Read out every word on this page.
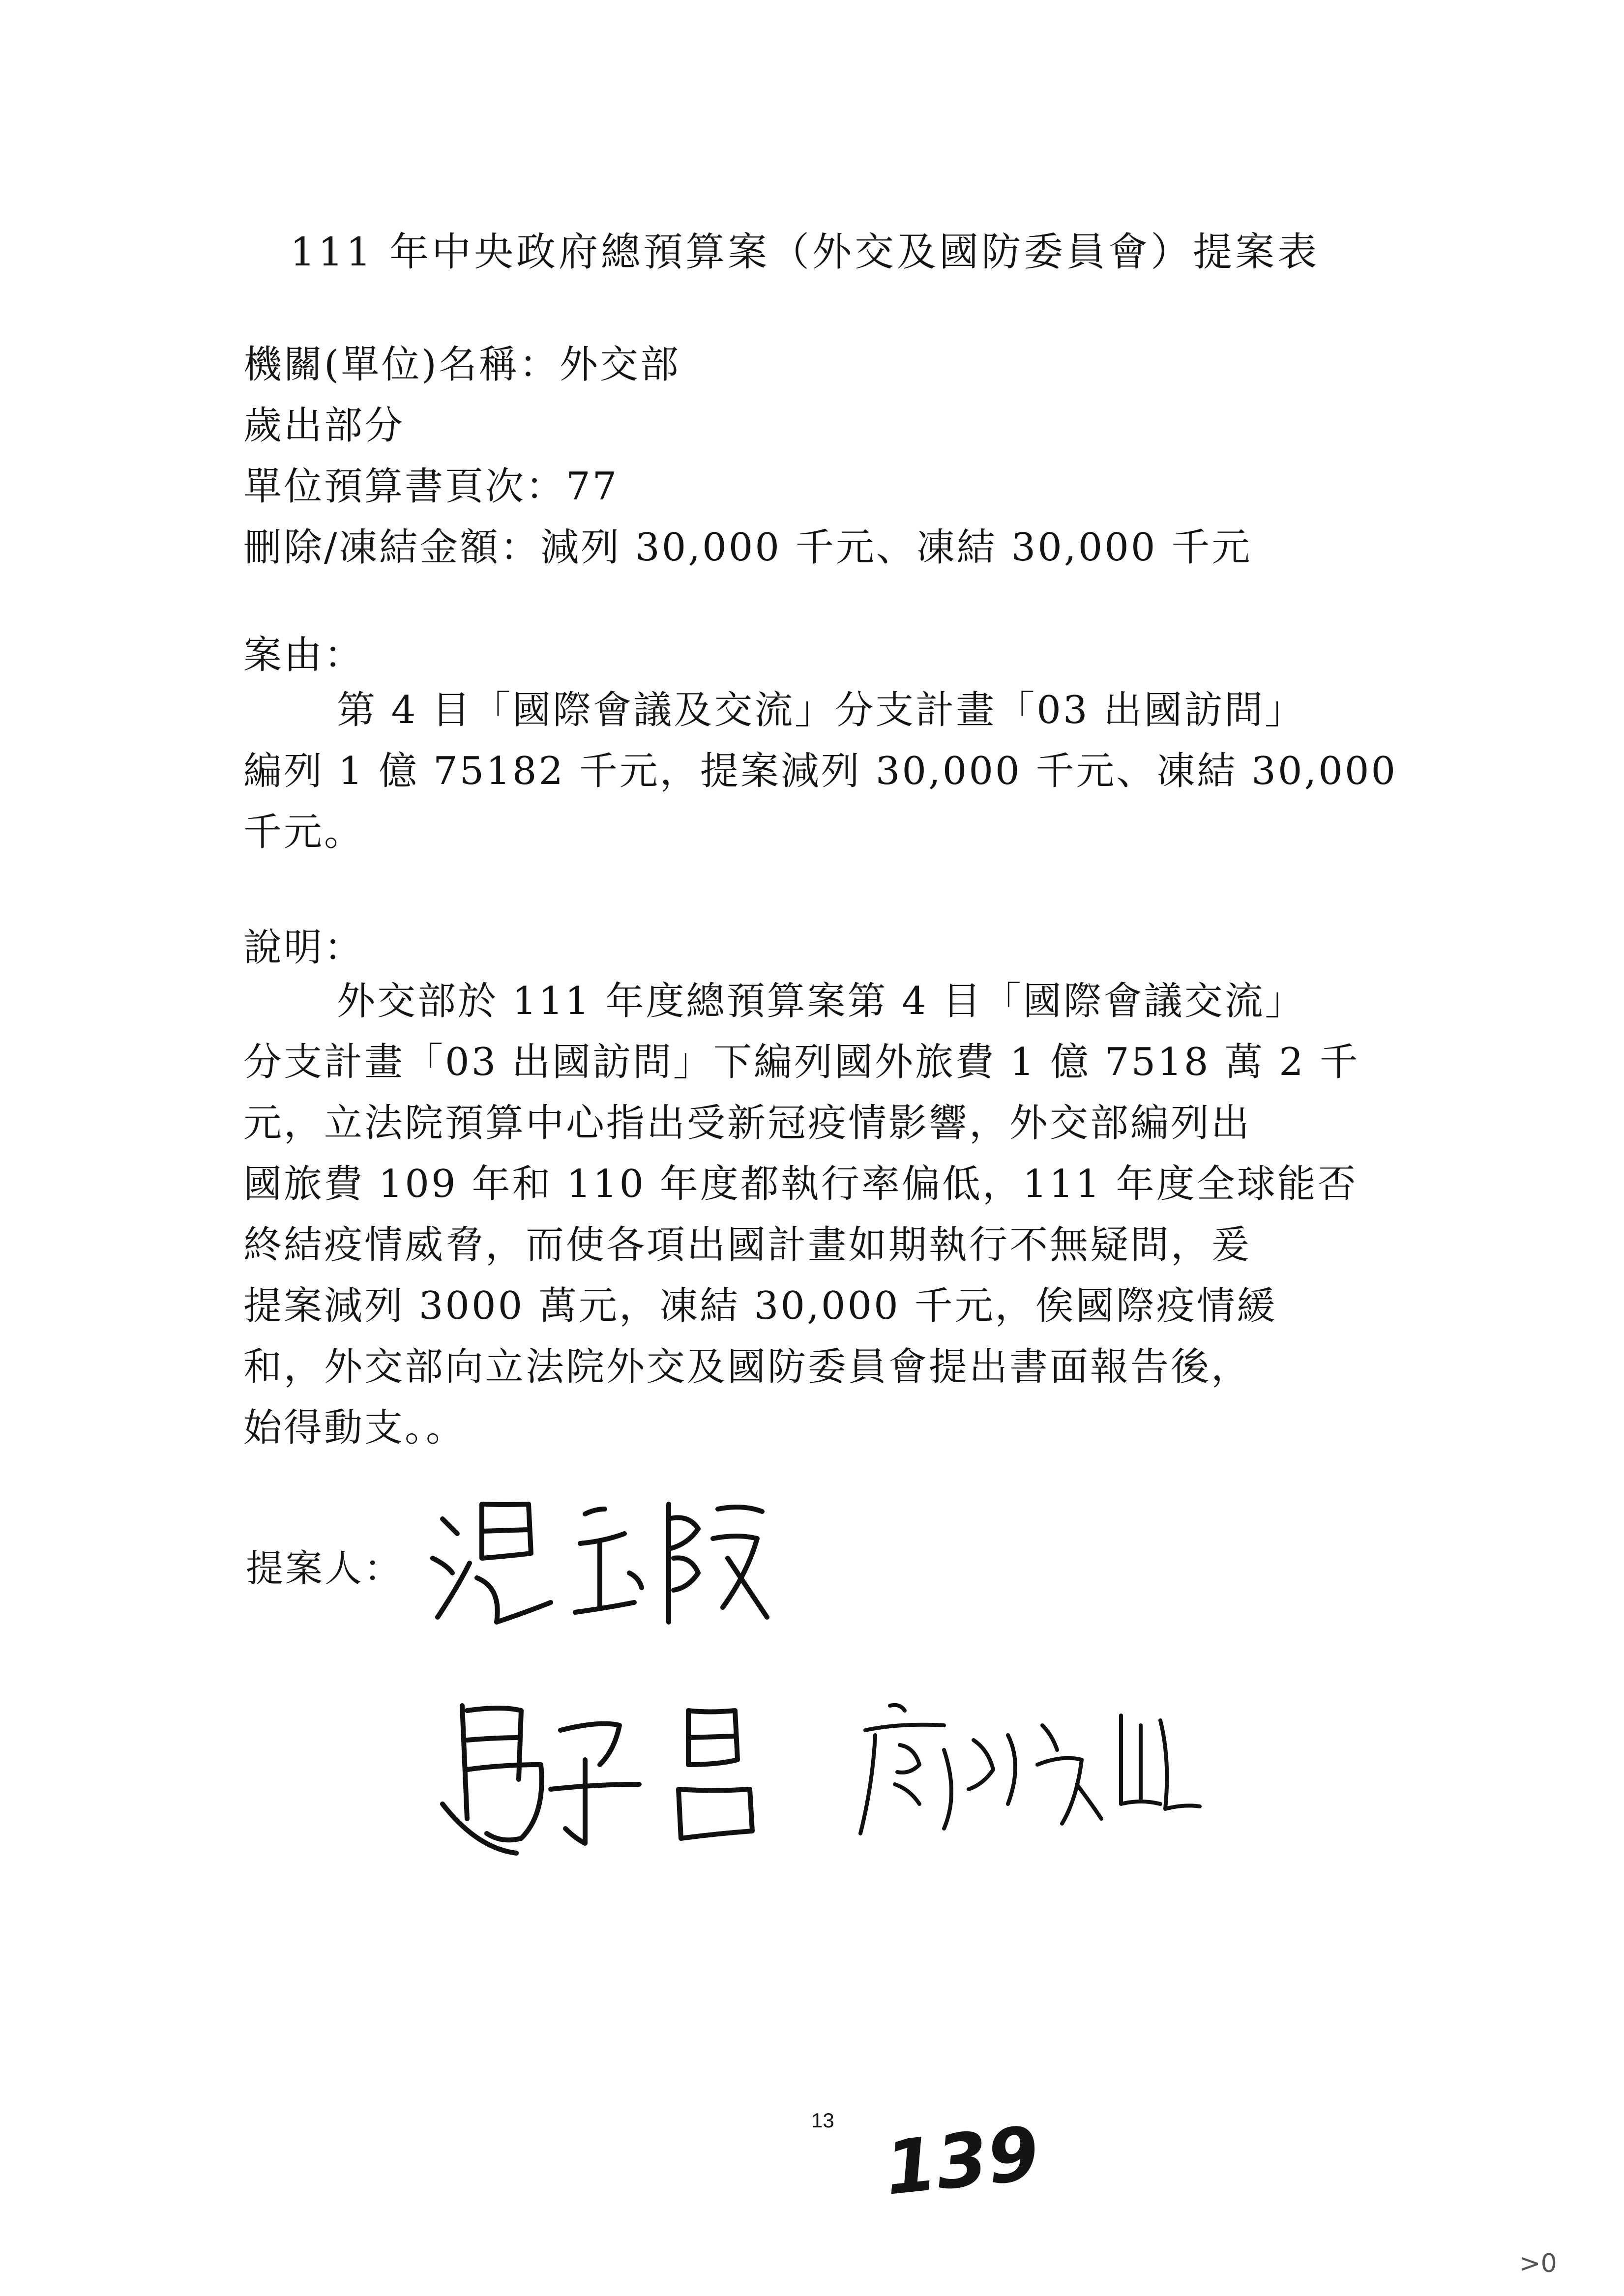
111 年中央政府總預算案（外交及國防委員會）提案表
機關(單位)名稱：外交部
歲出部分
單位預算書頁次：77
刪除/凍結金額：減列 30,000 千元、凍結 30,000 千元
案由：
第 4 目「國際會議及交流」分支計畫「03 出國訪問」
編列 1 億 75182 千元，提案減列 30,000 千元、凍結 30,000
千元。
說明：
外交部於 111 年度總預算案第 4 目「國際會議交流」
分支計畫「03 出國訪問」下編列國外旅費 1 億 7518 萬 2 千
元，立法院預算中心指出受新冠疫情影響，外交部編列出
國旅費 109 年和 110 年度都執行率偏低，111 年度全球能否
終結疫情威脅，而使各項出國計畫如期執行不無疑問，爰
提案減列 3000 萬元，凍結 30,000 千元，俟國際疫情緩
和，外交部向立法院外交及國防委員會提出書面報告後，
始得動支。。
提案人：
13 139
>0
